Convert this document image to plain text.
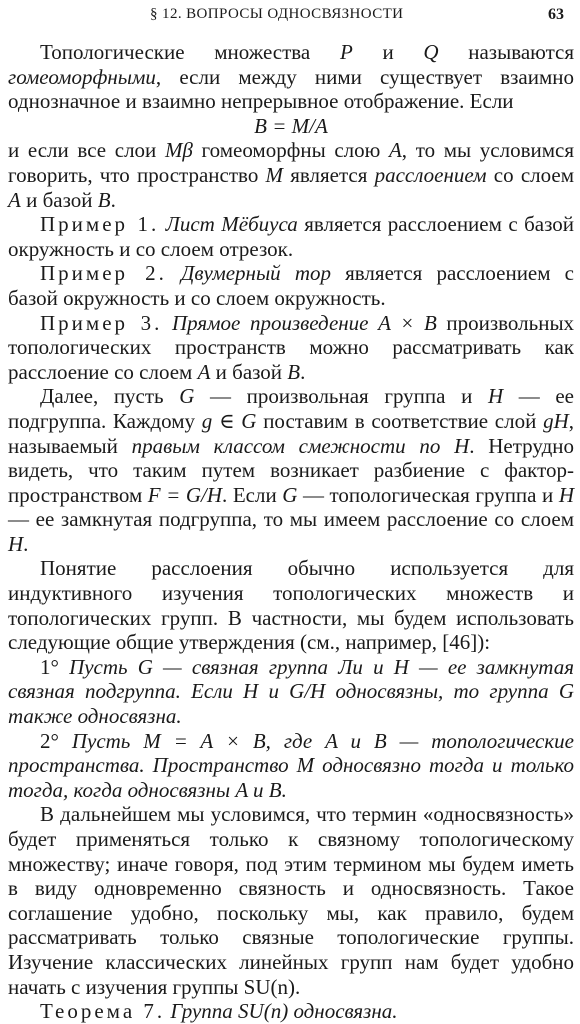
§ 12. ВОПРОСЫ ОДНОСВЯЗНОСТИ	63

Топологические множества P и Q называются гомеоморфными, если между ними существует взаимно однозначное и взаимно непрерывное отображение. Если

B = M/A

и если все слои Mβ гомеоморфны слою A, то мы условимся говорить, что пространство M является расслоением со слоем A и базой B.

Пример 1. Лист Мёбиуса является расслоением с базой окружность и со слоем отрезок.

Пример 2. Двумерный тор является расслоением с базой окружность и со слоем окружность.

Пример 3. Прямое произведение A × B произвольных топологических пространств можно рассматривать как расслоение со слоем A и базой B.

Далее, пусть G — произвольная группа и H — ее подгруппа. Каждому g ∈ G поставим в соответствие слой gH, называемый правым классом смежности по H. Нетрудно видеть, что таким путем возникает разбиение с фактор-пространством F = G/H. Если G — топологическая группа и H — ее замкнутая подгруппа, то мы имеем расслоение со слоем H.

Понятие расслоения обычно используется для индуктивного изучения топологических множеств и топологических групп. В частности, мы будем использовать следующие общие утверждения (см., например, [46]):

1° Пусть G — связная группа Ли и H — ее замкнутая связная подгруппа. Если H и G/H односвязны, то группа G также односвязна.

2° Пусть M = A × B, где A и B — топологические пространства. Пространство M односвязно тогда и только тогда, когда односвязны A и B.

В дальнейшем мы условимся, что термин «односвязность» будет применяться только к связному топологическому множеству; иначе говоря, под этим термином мы будем иметь в виду одновременно связность и односвязность. Такое соглашение удобно, поскольку мы, как правило, будем рассматривать только связные топологические группы. Изучение классических линейных групп нам будет удобно начать с изучения группы SU(n).

Теорема 7. Группа SU(n) односвязна.
